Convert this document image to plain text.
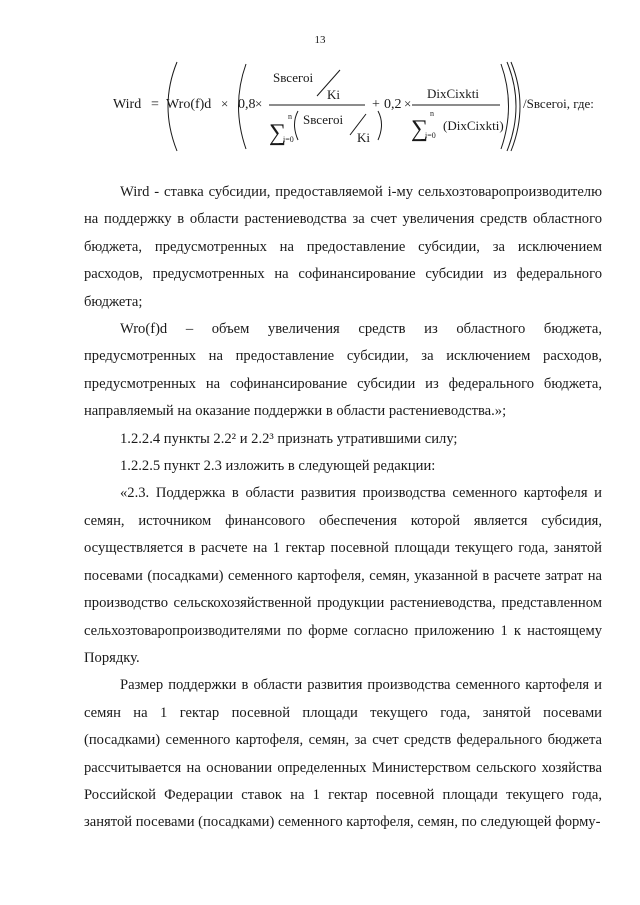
13
Wird = Wro(f)d × 0,8 ×
Sвсегоi
Ki
∑
n
i=0
Sвсегоi
Ki
+ 0,2 ×
DixCixkti
∑
n
i=0
(DixCixkti)
/Sвсегоi, где:

Wird - ставка субсидии, предоставляемой i-му сельхозтоваропроизводителю на поддержку в области растениеводства за счет увеличения средств областного бюджета, предусмотренных на предоставление субсидии, за исключением расходов, предусмотренных на софинансирование субсидии из федерального бюджета;

Wro(f)d – объем увеличения средств из областного бюджета, предусмотренных на предоставление субсидии, за исключением расходов, предусмотренных на софинансирование субсидии из федерального бюджета, направляемый на оказание поддержки в области растениеводства.»;

1.2.2.4 пункты 2.2² и 2.2³ признать утратившими силу;

1.2.2.5 пункт 2.3 изложить в следующей редакции:

«2.3. Поддержка в области развития производства семенного картофеля и семян, источником финансового обеспечения которой является субсидия, осуществляется в расчете на 1 гектар посевной площади текущего года, занятой посевами (посадками) семенного картофеля, семян, указанной в расчете затрат на производство сельскохозяйственной продукции растениеводства, представленном сельхозтоваропроизводителями по форме согласно приложению 1 к настоящему Порядку.

Размер поддержки в области развития производства семенного картофеля и семян на 1 гектар посевной площади текущего года, занятой посевами (посадками) семенного картофеля, семян, за счет средств федерального бюджета рассчитывается на основании определенных Министерством сельского хозяйства Российской Федерации ставок на 1 гектар посевной площади текущего года, занятой посевами (посадками) семенного картофеля, семян, по следующей форму-
